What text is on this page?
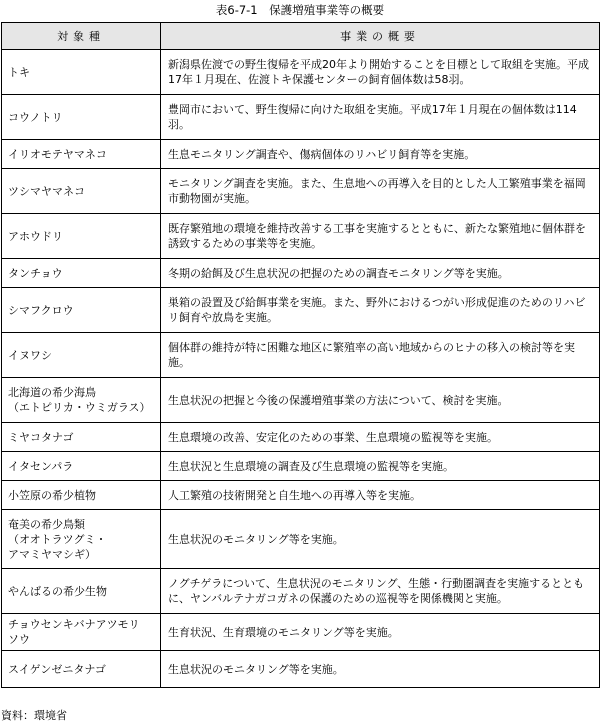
表6-7-1　保護増殖事業等の概要
対象種	事業の概要

トキ	新潟県佐渡での野生復帰を平成20年より開始することを目標として取組を実施。平成17年１月現在、佐渡トキ保護センターの飼育個体数は58羽。

コウノトリ	豊岡市において、野生復帰に向けた取組を実施。平成17年１月現在の個体数は114羽。

イリオモテヤマネコ	生息モニタリング調査や、傷病個体のリハビリ飼育等を実施。

ツシマヤマネコ	モニタリング調査を実施。また、生息地への再導入を目的とした人工繁殖事業を福岡市動物園が実施。

アホウドリ	既存繁殖地の環境を維持改善する工事を実施するとともに、新たな繁殖地に個体群を誘致するための事業等を実施。

タンチョウ	冬期の給餌及び生息状況の把握のための調査モニタリング等を実施。

シマフクロウ	巣箱の設置及び給餌事業を実施。また、野外におけるつがい形成促進のためのリハビリ飼育や放鳥を実施。

イヌワシ	個体群の維持が特に困難な地区に繁殖率の高い地域からのヒナの移入の検討等を実施。

北海道の希少海鳥
（エトピリカ・ウミガラス）	生息状況の把握と今後の保護増殖事業の方法について、検討を実施。

ミヤコタナゴ	生息環境の改善、安定化のための事業、生息環境の監視等を実施。

イタセンパラ	生息状況と生息環境の調査及び生息環境の監視等を実施。

小笠原の希少植物	人工繁殖の技術開発と自生地への再導入等を実施。

奄美の希少鳥類
（オオトラツグミ・
アマミヤマシギ）	生息状況のモニタリング等を実施。

やんばるの希少生物	ノグチゲラについて、生息状況のモニタリング、生態・行動圏調査を実施するとともに、ヤンバルテナガコガネの保護のための巡視等を関係機関と実施。

チョウセンキバナアツモリ
ソウ	生育状況、生育環境のモニタリング等を実施。

スイゲンゼニタナゴ	生息状況のモニタリング等を実施。
資料：環境省
